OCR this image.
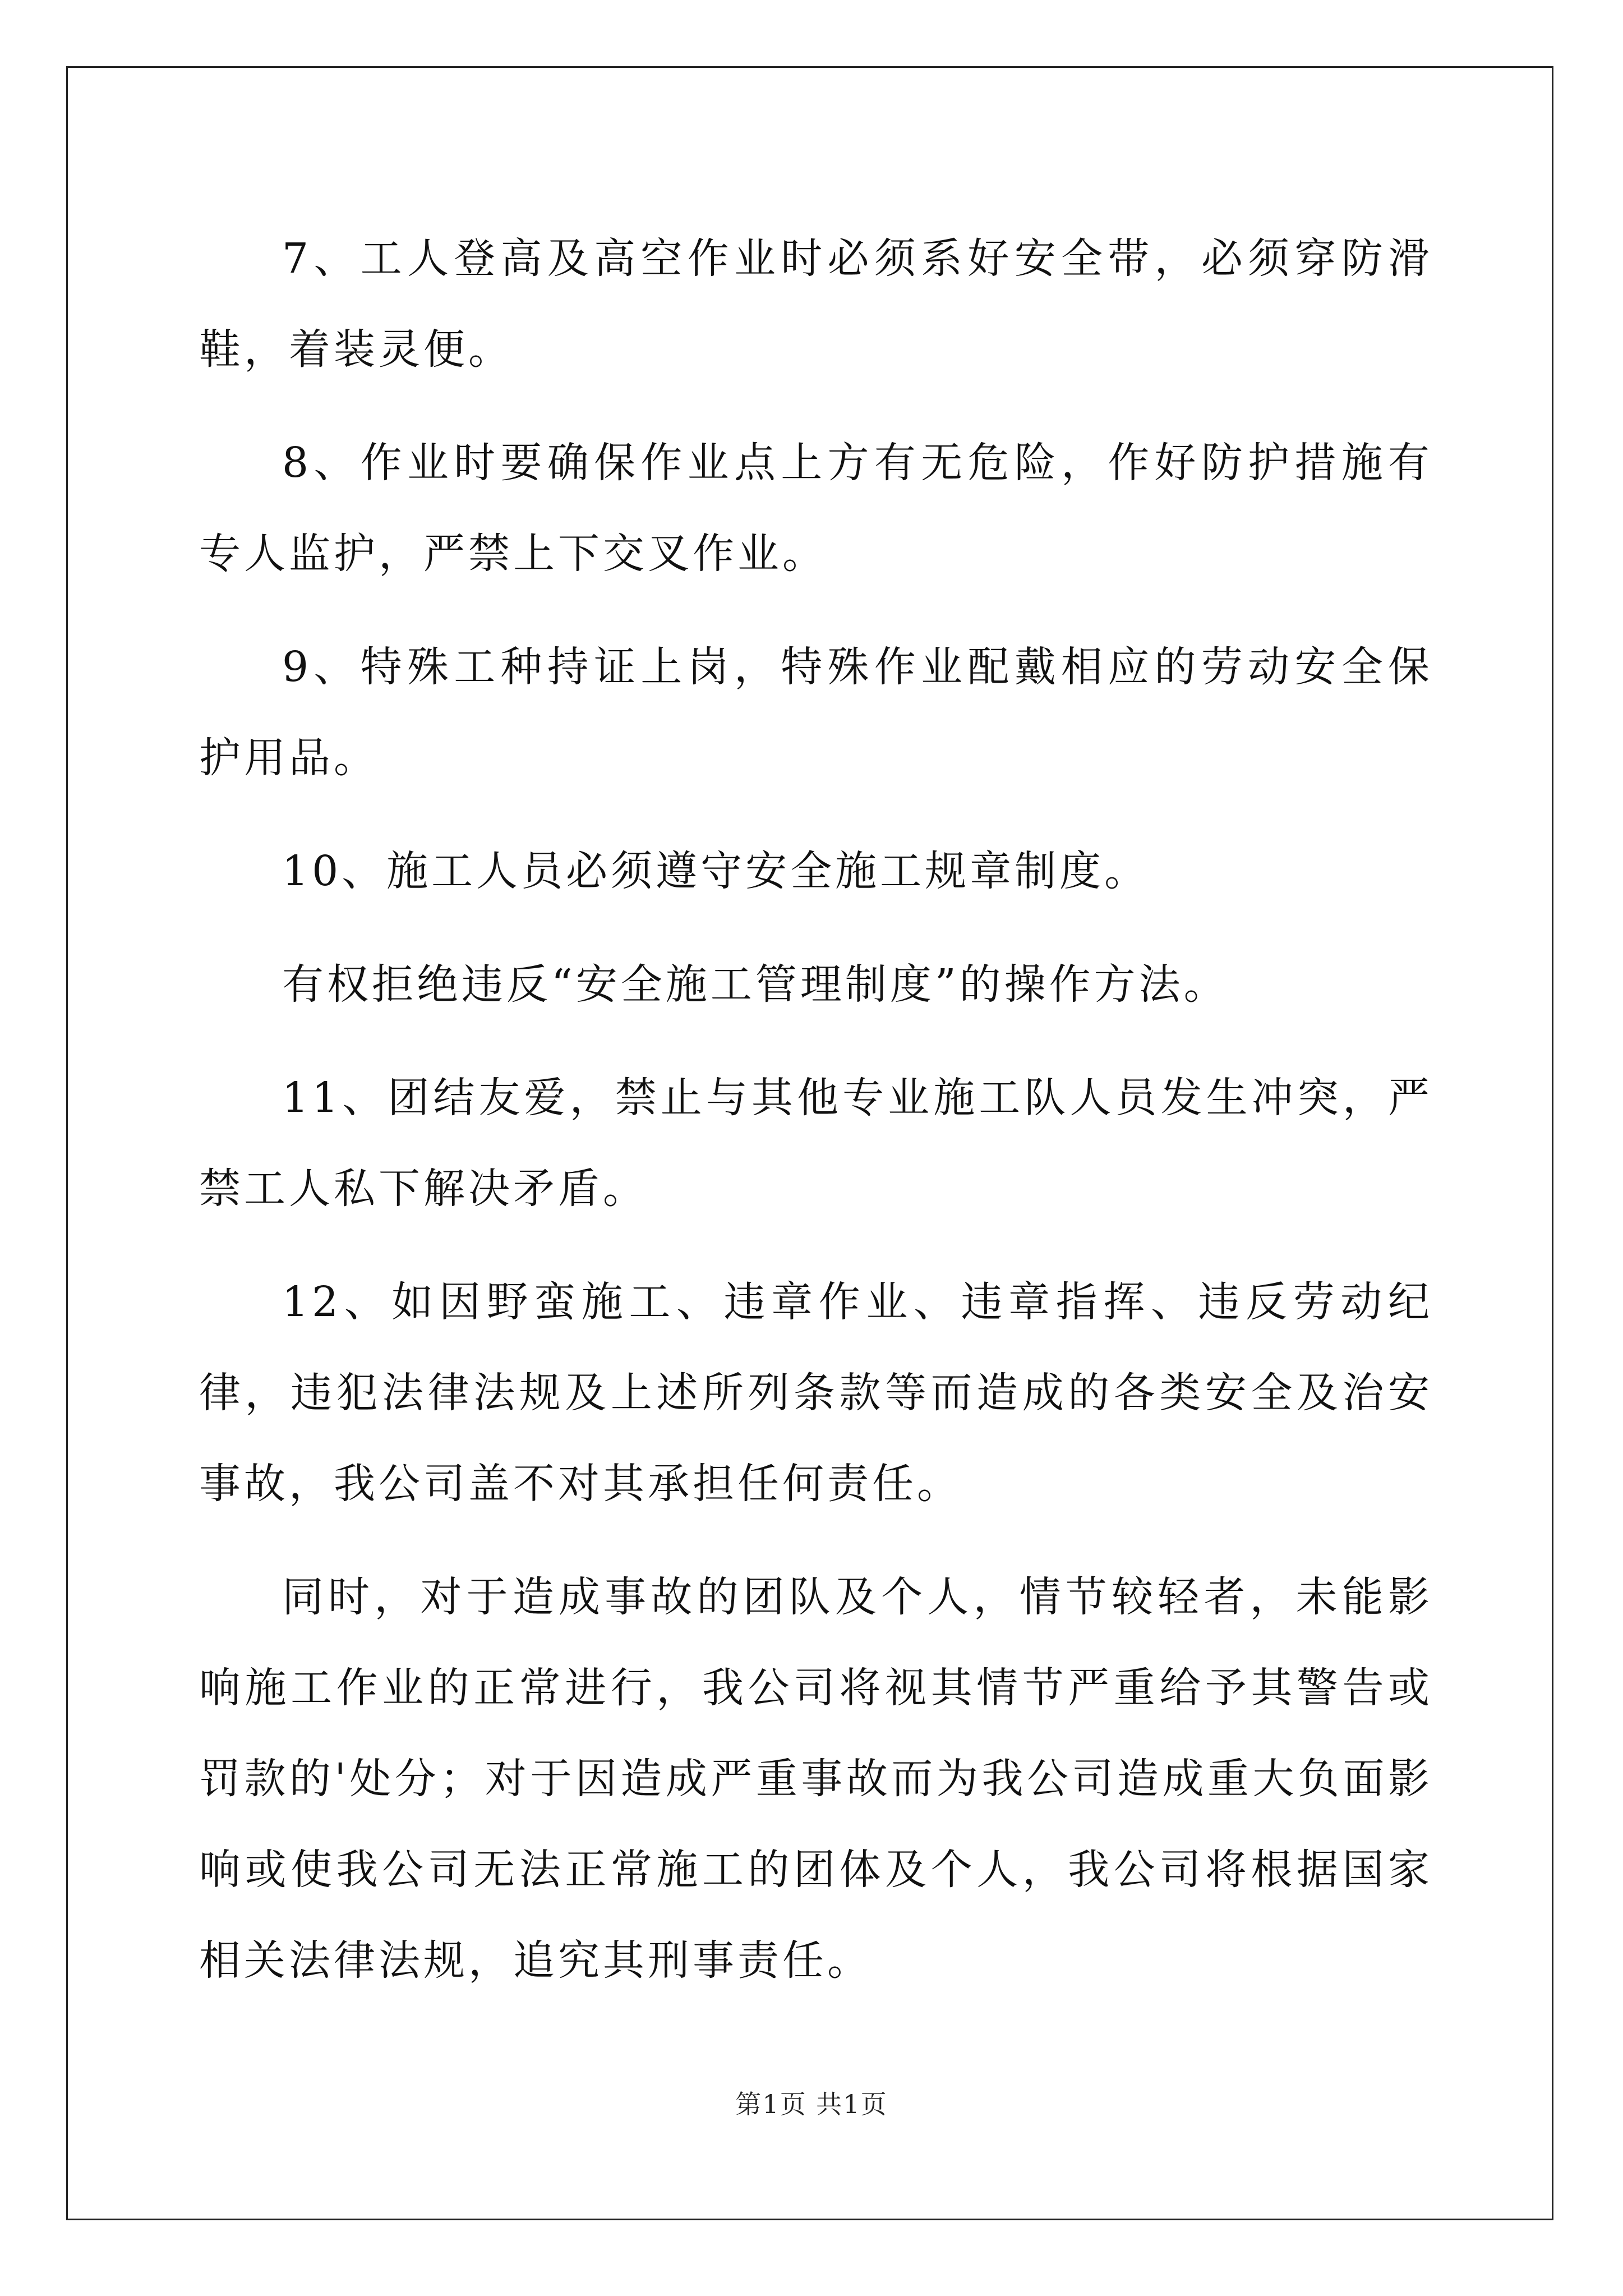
7、工人登高及高空作业时必须系好安全带，必须穿防滑鞋，着装灵便。

8、作业时要确保作业点上方有无危险，作好防护措施有专人监护，严禁上下交叉作业。

9、特殊工种持证上岗，特殊作业配戴相应的劳动安全保护用品。

10、施工人员必须遵守安全施工规章制度。

有权拒绝违反“安全施工管理制度”的操作方法。

11、团结友爱，禁止与其他专业施工队人员发生冲突，严禁工人私下解决矛盾。

12、如因野蛮施工、违章作业、违章指挥、违反劳动纪律，违犯法律法规及上述所列条款等而造成的各类安全及治安事故，我公司盖不对其承担任何责任。

同时，对于造成事故的团队及个人，情节较轻者，未能影响施工作业的正常进行，我公司将视其情节严重给予其警告或罚款的'处分；对于因造成严重事故而为我公司造成重大负面影响或使我公司无法正常施工的团体及个人，我公司将根据国家相关法律法规，追究其刑事责任。

第1页 共1页
